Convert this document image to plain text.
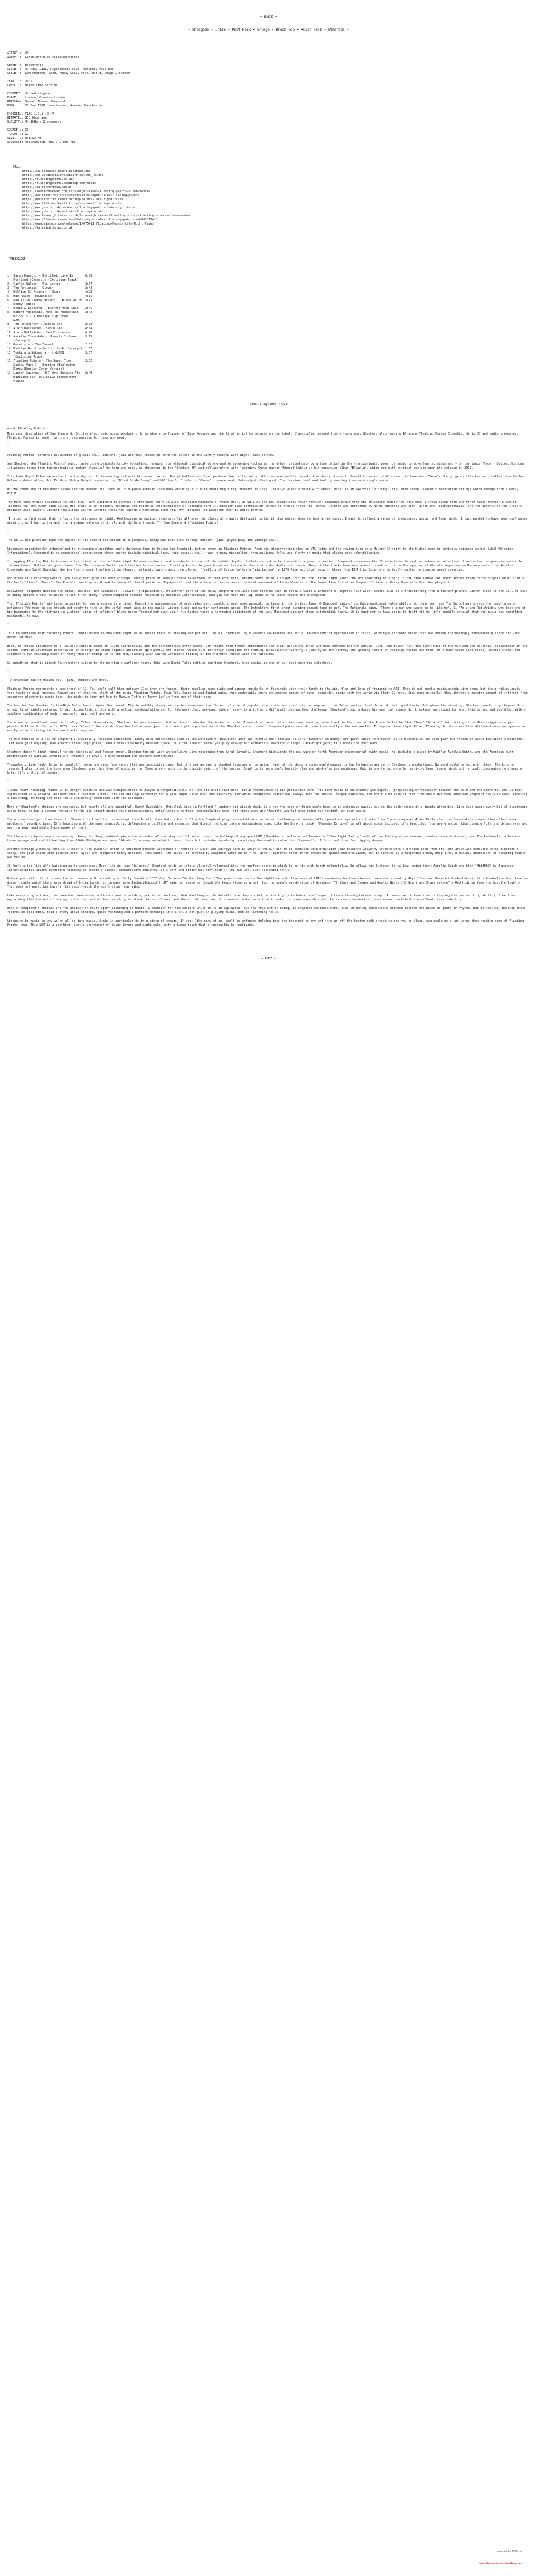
= ENDZ =

• Shoegaze • Indie • Post-Rock • Grunge • Dream Pop • Psych-Rock • Ethereal •

ARTIST.:  VA
ALBUM..:  LateNightTales Floating Points

GENRE..:  Electronic
STYLE..:  DJ Mix, Jazz, Psychedelic Soul, Ambient, Post-Bop
STYLE..:  IDM Ambient, Jazz, Funk, Soul, Folk, World, Stage & Screen

YEAR...:  2019
LABEL..:  Night Time Stories

COUNTRY:  United Kingdom
PLACE..:  London, Greater London
BIRTHDAY: Samuel Thomas Shepherd
BORN...:  21 May 1986, Manchester, Greater Manchester

ENCODER.: FLAC 1.3.1 -8 -V
BITRATE.: 851 kbps avg
QUALITY.: 44.1kHz / 2 channels

SOURCE..: CD
TRACKS..: 17
SIZE....: 348.92 MB
ACCURACY: Accuraterip: YES / CTDB: YES

URL..:

http://www.facebook.com/floatingpoints
https://en.wikipedia.org/wiki/Floating_Points
https://floatingpoints.co.uk/
https://floatingpoints.bandcamp.com/music
https://ra.co/reviews/23510
https://louderthanwar.com/late-night-tales-floating-points-album-review
http://www.theskinny.co.uk/music/late-night-tales-floating-points
https://musiccritic.com/floating-points-late-night-tales
http://www.thelineofbestfit.com/reviews/floating-points
http://www.juno.co.uk/products/floating-points-late-night-tales
http://www.juno.co.uk/artists/floating+points
http://www.latenighttales.co.uk/late-night-tales/floating-points-floating-points-album-review
http://www.allmusic.com/album/late-night-tales-floating-points-mw0003277418
https://www.discogs.com/release/14075411-Floating-Points-Late-Night-Tales
https://latenighttales.co.uk

- TRACKLIST

1	Sarah Davachi - Untitled, Live In	6:38
	Portland (Excerpt) (Exclusive Track)	
2	Carlos Walker - Via Lactea	3:07
3	The Rationals - Glowin	2:43
4	William S. Fischer - Chaos	4:28
5	Max Roach - Equipoise	4:15
6	Abu Talib (Bobby Wright) - Blood Of An	4:24
	Enemy (Edit)	
7	Event & Innocent - Express Your Love	2:45
8	Robert Vandeskill Med The Foundation	3:42
	Of Souls - A Message Sign From	
	God	
9	The Defoulters - Gentle Man	4:48
10	Alain Bellaiche - Sun Blues	4:04
11	Alain Bellaiche - See Fluorescent	4:20
12	Aurelio Coverdale - Moments Is Love	9:13
	(Excerpt)	
13	Dorothy's - The Tunnel	2:02
14	Kaitlyn Aurelia Smith - Milk (Excerpt)	1:57
15	Toshiharu Nakamura - MiddNO9	3:37
	(Exclusive Track)	
16	Floating Points - The Sweet Time	3:02
	Suite, Part I - Opening (Exclusive	
	Kenny Wheeler Cover Version)	
17	Lauren Laverne - 037 Why, Because The	2:49
	Dazzling Sun (Exclusive Spoken Word	
	Piece)	

Total Playtime: 77:22

About Floating Points:

Main recording alias of Sam Shepherd, British electronic music producer. He is also a co-founder of Eglo Records and the first artist to release on the label. Classically trained from a young age, Shepherd also leads a 16-piece Floating Points Ensemble. He is DJ and radio presenter. Floating Points is known for his strong passion for jazz and soul.

*

Floating Points' personal collection of global soul, ambient, jazz and folk treasures form the latest in the warmly revered Late Night Tales series.

Sam Shepherd aka Floating Points' music taste is notoriously tricky to define, ranging from ethereal classical at one end to careening techno at the other, united only by a fine belief in the transcendental power of music to move hearts, minds and - on the dance floor - bodies. His own influences range from impressionistic modern classical to jazz and soul, as showcased in the "Shadows EP" and collaborating with legendary Gnawa master Mahmoud Guinia in his expansive album "Elaenia", which met with critical acclaim upon its release in 2015.

This Late Night Tales excursion into the depths of the evening reflects his broad tastes. The globally-transfixed producer has collected untold treasures on his travels from dusty stores in Brazil to market stalls near his hometown. There's the gorgeous 'Via Lactea', culled from Carlos Walker's debut album, Abu Talib's (Bobby Wright) devastating 'Blood Of An Enemy' and William S. Fischer's 'Chaos' - spaced-out, late-night, feel-good. The tension, soul and feeling seeping from each song's pores.

On the other end of the music scale are the modernists, such as US 8-piece Aurelio Coverdale who mingle in with their beguiling 'Moments Is Love', Kaitlyn Aurelia Smith with whose 'Milk' is an exercise in tranquility, with Sarah Davachi's meditative strings which emerge from a woozy world.

"We have some tracks exclusive to this mix," says Shepherd in Schnell's offerings there is also Toshiharu Nakamura's 'Mondo 053', as well as the new traditional cover version, Shepherd draws from his childhood memory for this one, a track taken from the first Kenny Wheeler album he listened to, The Sweet Time Suite. His track is an elegant, original yet faithful interpretation of 'Opening Part I'. Wheeler also contributes heroes to Brunch track The Tunnel, written and performed by Norma Winstone and John Taylor who, coincidentally, are the parents of the track's producer Alec Taylor. Closing the album, Lauren Laverne reads the suitably nocturnal poem "037 Why, Because The Dazzling Sun" by Emily Brontë.

"I tried to find music that reflects the stillness of night. And because my musical interests lie all over the place, it's quite difficult to distil that notion down to just a few songs. I want to reflect a sense of dreaminess, peace, and late night. I just wanted to have some cool music mixed in, so I had to try and find a unique balance of it all with different music." - Sam Shepherd (Floating Points)

*

The UK DJ and producer taps the depths of his record collection in a gorgeous, moody mix that runs through ambient, jazz, psych pop, and vintage soul.

Listeners consistently underwhelmed by streaming algorithms could do worse than to follow Sam Shepherd, better known as Floating Points. From his globetrotting show on NTS Radio and his roving turn on a Melody DJ night to the hidden gems he lovingly reissues on his label Melodies International, Shepherd is an exceptional connoisseur whose tastes include spiritual jazz, rare gospel, soul, jazz, dreamy minimalism, tropicalismo, folk, and plenty of music that eludes easy identification.

In tapping Floating Points to curate the latest edition of Late Night Tales—a series in which selectors show off the hidden depths of their record collections—it's a great potential. Shepherd sequences his 17 selections through an unhurried selection of evocative, crepuscular music for the wee hours. Unlike his good friend Four Tet's own eclectic contribution to the series, Floating Points forgoes house and techno in favor of a decidedly soft touch. Many of the tracks here are rooted in ambient, from the opening of his staring-at-a-candle zone-outs from Aurelio Coverdale and Sarah Davachi, the ice that's more floating by in sleepy, textural, such tracks in pinkbrush fragility of Carlos Walker's 'Via Lactea', a 1976 late spiritual jazz in blues from ECM trio Oriente's perfectly suited to inspire sweet reveries.

And since it's Floating Points, you can either gush and over Discogs' asking price of some of these selections or find exquisite, arcane cents details to get lost in: the litrae night yield the any something or single in the ride cymbal can sound across those certain spots on William S. Fischer's 'Chaos'. There's Max Roach's haunting vocal meditation with choral patterns 'Equipoise', and the otherwise restrained orchestral movement of Kenny Wheeler's 'The Sweet Time Suite' as Shepherd's take on Kenny Wheeler's Part One played in.

Elsewhere, Shepherd dazzles the crowd, the mix: the Rationals' 'Glowin'' ("Equipoise"). On another part of the coin, Shepherd includes some records that in reveals Sweet & Innocent's "Express Your Love" sounds like it's transmitting from a distant planet. Listen close to the wall-of-soul of Bobby Wright's self-released "Blood of an Enemy", which Shepherd himself reissued by Melodies International, and you can hear his lip smack as he leans toward the microphone.

That Floating Points' mix tends primarily to room presence is a given. Beyond the gorgeousness of each selection, something even more unusual: outlined in the lyrics. Event & Innocent sing of soothing emotional vulnerability to their men, and The Defoulters stress the importance of patience: "We need to see though and ready to find in the world, much less in pop music. Listen close and darker sentiments arise: The Defoulters first shout turning enough food to eat, The Rationals sing, 'There's a man who wants to be like me', I, 'Am'; and Red Wright, who lost one of his bandmates to the fighting in Vietnam, sings of soldiers' blood being "poured out over you." His hushed voice a harrowing indictment of the war. Measured against these existential fears, it is hard not to have music to drift off to, it's equally crucial that the music has something meaningful to say.

*

It's no surprise that Floating Points' contribution to the Late Night Tales series feels so healing and patient. The DJ, producer, Eglo Records co-founder and actual neuroscientist specializes in fluid, warming electronic music that has become increasingly mind-bending since his 2009 debut J&W Beat.

Here, he treats listeners to a lovingly-curated jaunt in 1970s spirituality and the contemporary avant-garde. Jon treats from French experimentalist Alain Bellaiche offer a bridge between the two worlds, with "Sun Blues" fill the first half of the mix and the celestial soundscapes in the second. Aurelio Coverdale contributes an excerpt in which organic acoustics spin gently off-course, which sits perfectly alongside the chiming percussion of Dorothy's jazz-lyric The Tunnel, the opening record on Floating Points and Four Tet's much-loved (and Flock) Records stash. Sam Shepherd's own stunning cover of Kenny Wheeler brings us to the end, closing with Lauren Laverne's reading of Emily Brontë thrown upon the curtains.

So something that is almost faith before suited to the morning's earliest hours, this Late Night Tales edition confirms Shepherd, once again, as one of our most generous selectors.

*

- A standout mix of mellow soul, jazz, ambient and more. -

Floating Points represents a new breed of DJ. You could call them gateway DJs; they are famous, their headline huge clubs and appear regularly at festivals with their hands in the air, flag and lots of frequent to ARI. They do not need a musicianship with them, but their ridiculously vast taste of soul records. Regardless of what you think of the music Floating Points, Four Tet, Jamie xx and Daphni make, they undeniably share an immense amount of rare, beautiful music with the world via their DJ sets. And, more directly, they attract a massive amount of interest from crossover electronic music fans, who might in turn get hip to Marvin Tuffe or Danny Lurlin from one of their sets.

The bar for Sam Shepherd's LateNightTales feels higher than usual. The incredibly steady mix series showcases the "interior" side of popular electronic music artists, or anyone in the Tales series, that drive of their good taste. But given his standing, Shepherd needs to go beyond this on his first widely released DJ mix. Accomplishing this with a mellow, contemplative set for the post-club, pre-dawn side of every is a lot more difficult than another challenge. Shepherd's mix endorse his own high standards, breaking new ground for what this series and could be, with a seamless combination of modern ambient, jazz, soul and more.

There are no quantized drums on LateNightTales. When mixing, Shepherd focuses on moods, but he doesn't abandon the technical side: I mean his concentrated, two rare sounding soundtrack in the form of the Alain Bellaiche "Sun Blues" "Glowin'" into strings from Mississippi-born jazz pianist William S. Fischer's 1970 track "Chaos," the chords from the latter non- jazz piece are a pitch-perfect match for The Rationals' number. Shepherd pairs records come from vastly different worlds. Throughout Late Night Tales, Floating Points mixes from different eras and genres as easily as he'd string two techno tracks together.

The mix focuses on a few of Shepherd's previously revealed obsessions. Dusty soul obscurities—such as The Defoulters' beautiful 1975 cut "Gentle Man" and Abu Talib's "Blood Of An Enemy"—are given space to breathe, as is minimalism. We also play two tracks of Alain Bellaiche's beautiful laid back jazz odyssey, Max Roach's stark "Equipoise," and a free-flow Kenny Wheeler track. It's the kind of music you play slowly for Grimaldi's electronic songs. Late-night jazz; it's honey for your ears.

Shepherd doesn't limit himself to the historical and lesser known. Opening the mix with an exclusive live recording from Sarah Davachi, Shepherd highlights the new wave of North American experimental synth music. He includes a piece by Kaitlyn Aurelia Smith, and the American guzz progression of Aurelio Coverdale's "Moments Is Love", a disorienting and emotive centerpiece.

Throughout, Late Night Tales is beautiful: when one gets from songs that are impossibly rare. But it's not an overly studied treasurers' paradise. Many of the obscure songs would appeal to the fanbase drawn in by Shepherd's productions. No nerd could be hit with these. The kind of records I play to set the tone when Shepherd uses this type of music as the flow. A very much in the classic spirit of the series. Equal parts warm soul, heavily blue and mind-clearing ambience, this is one to put on after arriving home from a night out, a comforting guide to sleep, or both. It's a thing of beauty.

*

I once heard Floating Points DJ in bright sunshine and was disappointed: he played a forgettable mix of funk and disco that bore little resemblance to his productive work. His best music is melancholy yet hopeful, progressing effortlessly between the calm and the euphoric, and is best experienced in a patient listener than a ravenous crowd. This set hits up perfectly for a Late Night Tales mix: the solitary, nocturnal headphones-wearer has always been the series' target audience, and there's no inch of room from the FlaPo-real name Sam Shepherd feels at ease, curating a ravishing, drifting set that feels intimately connected with its listener.

Many of Shepherd's choices are esoteric, but nearly all are beautiful. Sarah Davachi's 'Untitled, Live in Portland,' lambent and almost dead, it's not the sort of thing you'd hear in an extensive music, but in the night where it's deeply affecting. Like just about every bit of electronic music here, it has a serene rhetoric to the air-crunch inside your consciousness, establishes a serious, contemplative mood, and times away any thoughts you had when going out tonight, or ever again.

There's an indulgent loveliness to "Moments is Love" too, an excerpt from Aurelio Coverdale's Gnaifs EP which Shepherd plays around 45 minutes later, following two wonderfully spaced and mysterious tracks from French composer Alain Bellaiche, the Coverdale's composition offers nine minutes of pounding bass. It's haunting with the same tranquility, delivering a drifting and creeping that direct the time into a meaningless zone. Like the Dorothy track, "Moments Is Love" is all about sonic texture: it's beautiful from every angle, like turning life's problems over and over in your head while lying awake at night.

Yet the mix is by no means depressing. Among its long, ambient piece are a number of soothing soulful selections, the halfway of any good LNT (Shoulder's inclusion of Darwood's "Blue Light Fading" made of the feeling of an unknown country dance instance), and The Rationals, a lesser-known garage soul outfit hailing from 1960s Michigan who made "Glowin'", a song recorded to sound funky but includes vocals by comprising the mood is calmer for Shepherd's. It's a real time for digging deeper.

Another strangely moving tone is Grimoth's "The Tunnel," which is embedded between Coverdale's "Moments in Love" and Kaitlyn Aurelia Smith's "Milk." Not to be confused with Brazilian jazz-fusion's Gruyeth, Grimoth were a British band from the late 1970s who combined Norma Winstone's smoky, pre-gold voice with pianist John Taylor and trumpeter Kenny Wheeler. "The Sweet Time Suite" is covered by Shepherd later on in "The Tunnel" captures these three treasures spaced and brilliant, but is carried by a tangerine dreamy Moog line, a musical impression of Floating Points' own future.

It feels a bit like it's building up to something. Much like in, say "Bulgary," Shepherd holds us into a blissful vulnerability, the perfect state in which to be hit with harsh melancholia. He allows his listener to wallow, using first Aurelia Smith and then "MiddNO9" by Japanese improvisational wizard Toshiharu Nakamura to create a sleepy, unoppressive ambience. It's soft and tender but very much in its own way. Just listening to it.

Before you drift off, in comes Lauren Laverne with a reading of Emily Brontë's "037 Why, Because The Dazzling Sun." The poem is an ode to the nighttime and, like many of LNT's customary bedtime stories (previously read by Rhys Ifans and Benedict Cumberbatch), it's borderline too. Laverne doesn't quite match the creaky dread of Lydia Lunch, so in many ways Badhabidtwoodn't LNT made her sound as though she keeps those as a pet. But the poem's celebration of darkness ("O Stars and Dreams and Gentle Night / O Night and Stars return" / And hide me from the hostile light / That does not warm, but burn") fits snugly with the mix's after-hour vibe.

Like every single track, the poem has been chosen with care and painstaking precision. And yes, that dwelling on the details: the deep rooted, as the highly technical challenges of transitioning between songs. It means we're free from critiquing his beatmatching ability, free from explaining that the art of mixing is the real art of beat-matching is about the art of mood and the art of tone, and it's sounds tacky, as a true to make its power over this mix. He succeeds instead on focus on—and back-to-his excellent track selection.

Many of Shepherd's choices are the product of hours spent listening to music, a penchant for the obscure which is to be applauded, but the true art of DJing, as Shepherd exhibits here, lies in making connections between records—not based on genre or rhythm, but on feeling. Hearing these records—in real time, told a story about strange, quiet yearning and a perfect morning; it's a skill not just in playing music, but in listening to it.

Listening to music is why we're all so into music. A mix in particular is in a state of change. If you, like many of us, can't be bothered delving into the internet to try and find an off-the-beaten-path artist to get you to sleep, you could do a lot worse than reading some of Floating Points' own. This LNT is a soothing, subtle instrument of music lovers and night owls, with a human touch that's impossible to replicate.

= ENDZ =

covered by NGM.ru

Next Generation of Pre-Releases
